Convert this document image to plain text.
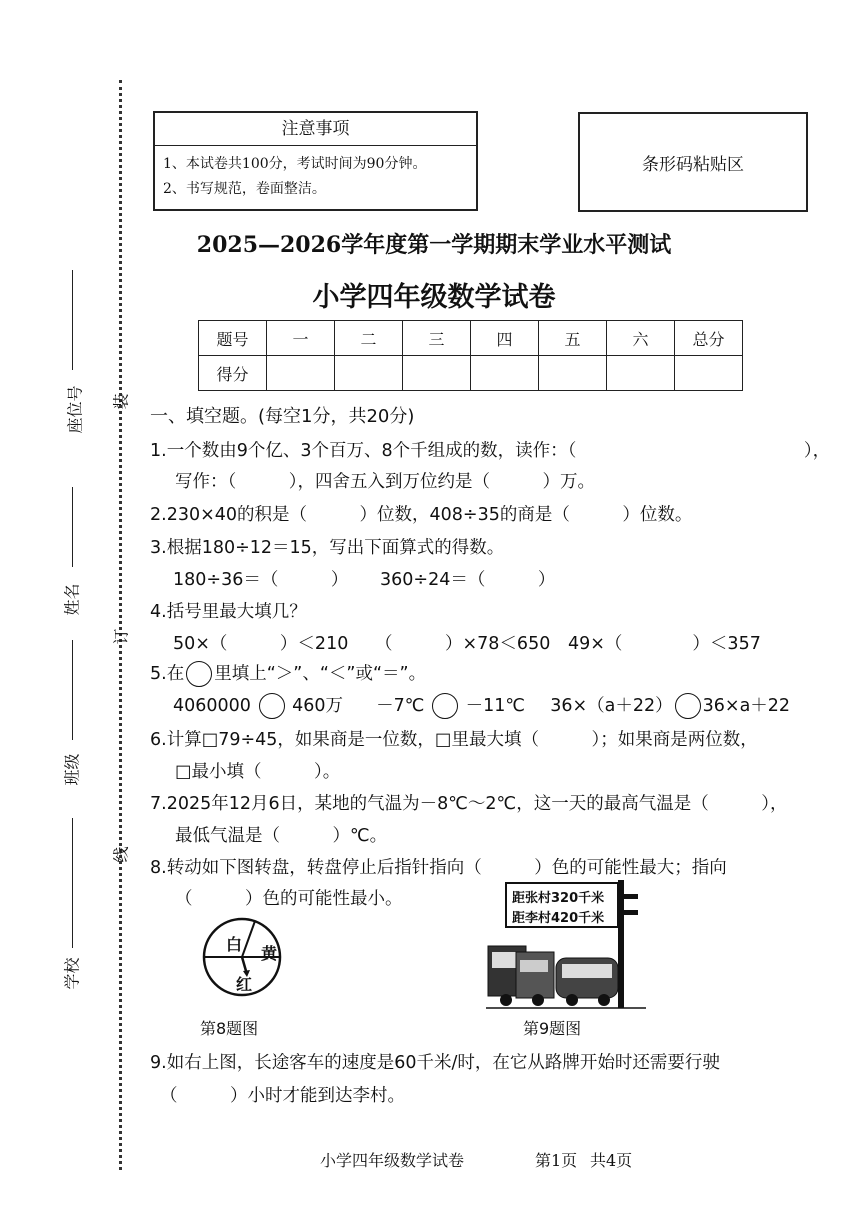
装
订
线
座位号
姓名
班级
学校
注意事项
1、本试卷共100分，考试时间为90分钟。
2、书写规范，卷面整洁。
条形码粘贴区
2025—2026学年度第一学期期末学业水平测试
小学四年级数学试卷
题号	一	二	三	四	五	六	总分
得分							
一、填空题。(每空1分，共20分)
1.一个数由9个亿、3个百万、8个千组成的数，读作：（　　　　　　　　　　　　　），
写作：（　　　），四舍五入到万位约是（　　　）万。
2.230×40的积是（　　　）位数，408÷35的商是（　　　）位数。
3.根据180÷12＝15，写出下面算式的得数。
180÷36＝（　　　） 360÷24＝（　　　）
4.括号里最大填几？
50×（　　　）＜210 （　　　）×78＜650 49×（　　　　）＜357
5.在 里填上“＞”、“＜”或“＝”。
4060000 460万 －7℃ －11℃ 36×（a＋22） 36×a＋22
6.计算□79÷45，如果商是一位数，□里最大填（　　　）；如果商是两位数，
□最小填（　　　）。
7.2025年12月6日，某地的气温为－8℃～2℃，这一天的最高气温是（　　　），
最低气温是（　　　）℃。
8.转动如下图转盘，转盘停止后指针指向（　　　）色的可能性最大；指向
（　　　）色的可能性最小。
白 黄
红
第8题图
距张村320千米
距李村420千米
第9题图
9.如右上图，长途客车的速度是60千米/时，在它从路牌开始时还需要行驶
（　　　）小时才能到达李村。
小学四年级数学试卷	第1页 共4页
